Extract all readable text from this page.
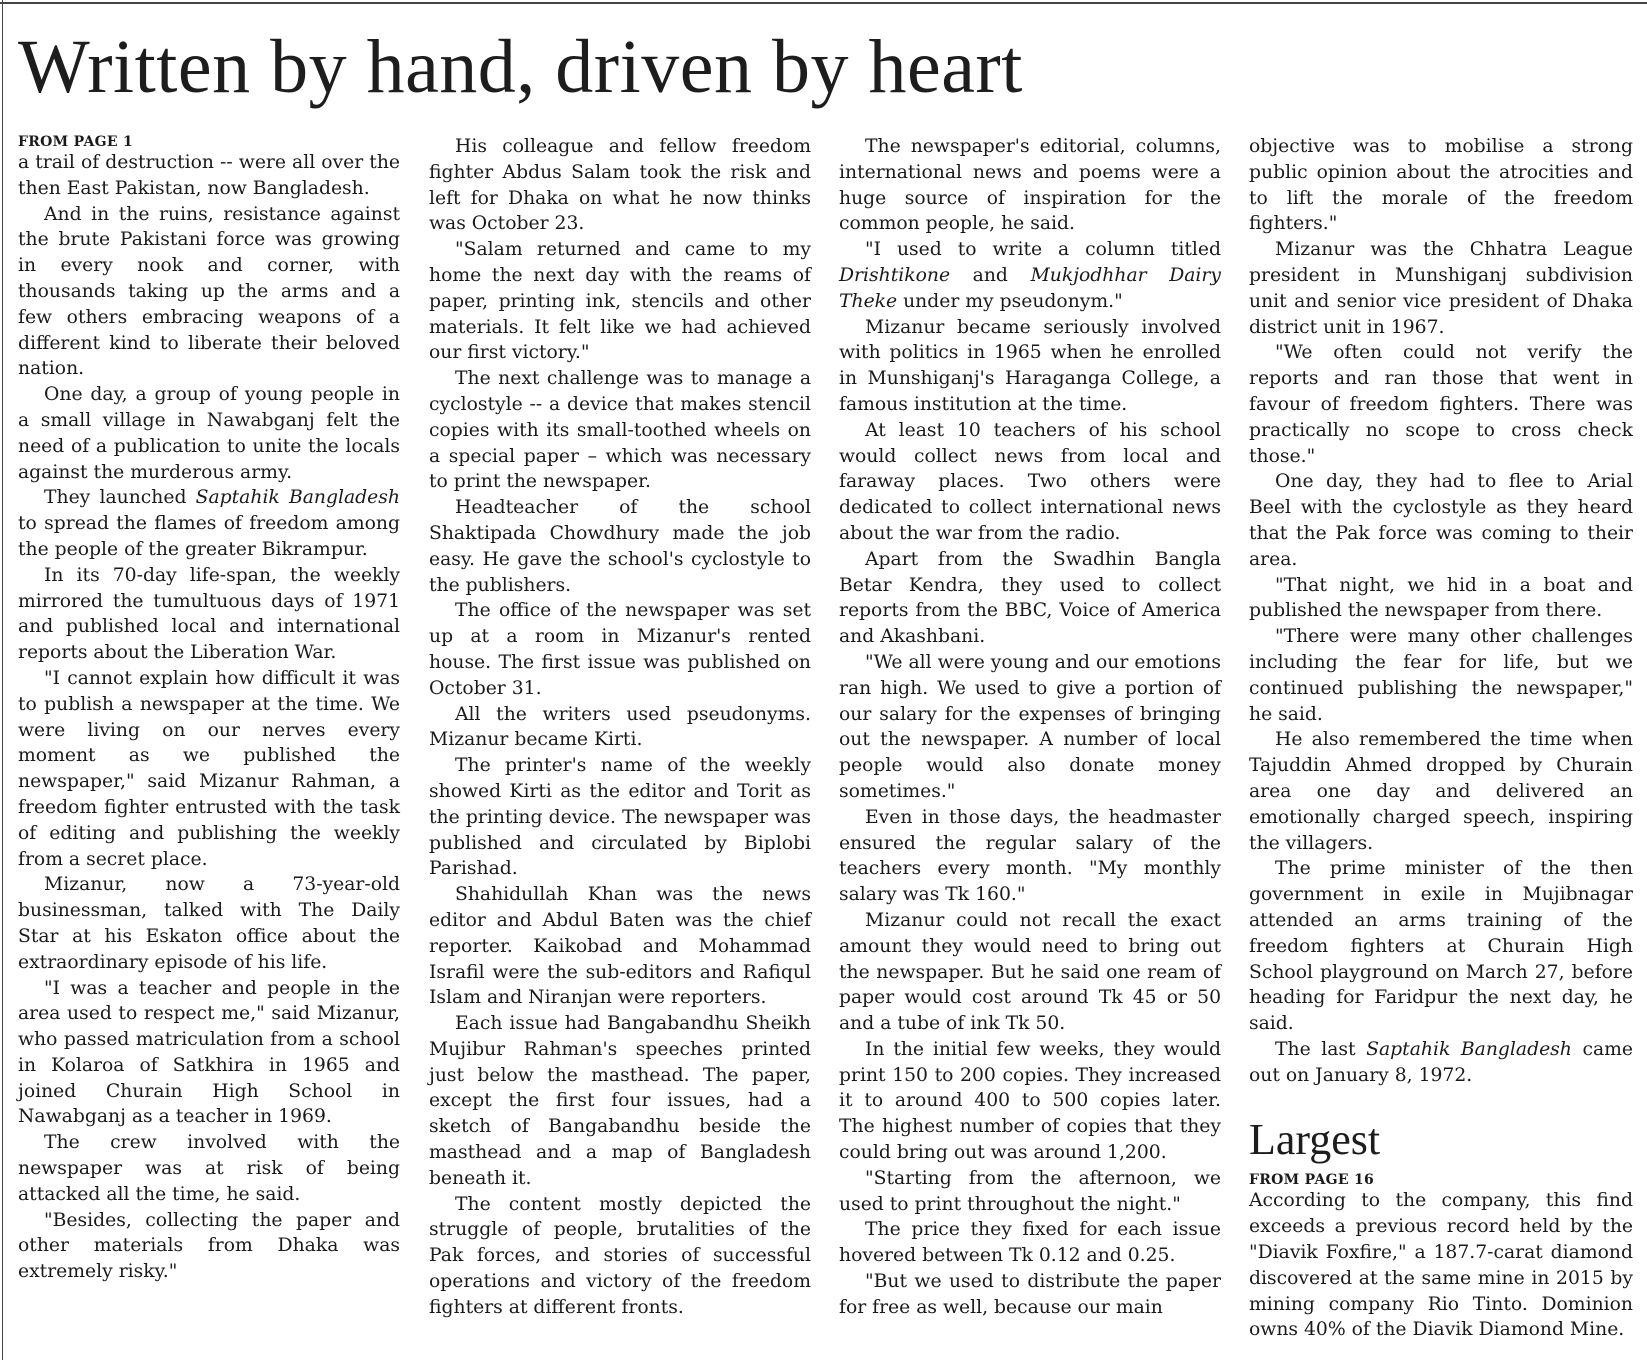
Written by hand, driven by heart
FROM PAGE 1

a trail of destruction -- were all over the then East Pakistan, now Bangladesh.

And in the ruins, resistance against the brute Pakistani force was growing in every nook and corner, with thousands taking up the arms and a few others embracing weapons of a different kind to liberate their beloved nation.

One day, a group of young people in a small village in Nawabganj felt the need of a publication to unite the locals against the murderous army.

They launched Saptahik Bangladesh to spread the flames of freedom among the people of the greater Bikrampur.

In its 70-day life-span, the weekly mirrored the tumultuous days of 1971 and published local and international reports about the Liberation War.

"I cannot explain how difficult it was to publish a newspaper at the time. We were living on our nerves every moment as we published the newspaper," said Mizanur Rahman, a freedom fighter entrusted with the task of editing and publishing the weekly from a secret place.

Mizanur, now a 73-year-old businessman, talked with The Daily Star at his Eskaton office about the extraordinary episode of his life.

"I was a teacher and people in the area used to respect me," said Mizanur, who passed matriculation from a school in Kolaroa of Satkhira in 1965 and joined Churain High School in Nawabganj as a teacher in 1969.

The crew involved with the newspaper was at risk of being attacked all the time, he said.

"Besides, collecting the paper and other materials from Dhaka was extremely risky."

His colleague and fellow freedom fighter Abdus Salam took the risk and left for Dhaka on what he now thinks was October 23.

"Salam returned and came to my home the next day with the reams of paper, printing ink, stencils and other materials. It felt like we had achieved our first victory."

The next challenge was to manage a cyclostyle -- a device that makes stencil copies with its small-toothed wheels on a special paper – which was necessary to print the newspaper.

Headteacher of the school Shaktipada Chowdhury made the job easy. He gave the school's cyclostyle to the publishers.

The office of the newspaper was set up at a room in Mizanur's rented house. The first issue was published on October 31.

All the writers used pseudonyms. Mizanur became Kirti.

The printer's name of the weekly showed Kirti as the editor and Torit as the printing device. The newspaper was published and circulated by Biplobi Parishad.

Shahidullah Khan was the news editor and Abdul Baten was the chief reporter. Kaikobad and Mohammad Israfil were the sub-editors and Rafiqul Islam and Niranjan were reporters.

Each issue had Bangabandhu Sheikh Mujibur Rahman's speeches printed just below the masthead. The paper, except the first four issues, had a sketch of Bangabandhu beside the masthead and a map of Bangladesh beneath it.

The content mostly depicted the struggle of people, brutalities of the Pak forces, and stories of successful operations and victory of the freedom fighters at different fronts.

The newspaper's editorial, columns, international news and poems were a huge source of inspiration for the common people, he said.

"I used to write a column titled Drishtikone and Mukjodhhar Dairy Theke under my pseudonym."

Mizanur became seriously involved with politics in 1965 when he enrolled in Munshiganj's Haraganga College, a famous institution at the time.

At least 10 teachers of his school would collect news from local and faraway places. Two others were dedicated to collect international news about the war from the radio.

Apart from the Swadhin Bangla Betar Kendra, they used to collect reports from the BBC, Voice of America and Akashbani.

"We all were young and our emotions ran high. We used to give a portion of our salary for the expenses of bringing out the newspaper. A number of local people would also donate money sometimes."

Even in those days, the headmaster ensured the regular salary of the teachers every month. "My monthly salary was Tk 160."

Mizanur could not recall the exact amount they would need to bring out the newspaper. But he said one ream of paper would cost around Tk 45 or 50 and a tube of ink Tk 50.

In the initial few weeks, they would print 150 to 200 copies. They increased it to around 400 to 500 copies later. The highest number of copies that they could bring out was around 1,200.

"Starting from the afternoon, we used to print throughout the night."

The price they fixed for each issue hovered between Tk 0.12 and 0.25.

"But we used to distribute the paper for free as well, because our main

objective was to mobilise a strong public opinion about the atrocities and to lift the morale of the freedom fighters."

Mizanur was the Chhatra League president in Munshiganj subdivision unit and senior vice president of Dhaka district unit in 1967.

"We often could not verify the reports and ran those that went in favour of freedom fighters. There was practically no scope to cross check those."

One day, they had to flee to Arial Beel with the cyclostyle as they heard that the Pak force was coming to their area.

"That night, we hid in a boat and published the newspaper from there.

"There were many other challenges including the fear for life, but we continued publishing the newspaper," he said.

He also remembered the time when Tajuddin Ahmed dropped by Churain area one day and delivered an emotionally charged speech, inspiring the villagers.

The prime minister of the then government in exile in Mujibnagar attended an arms training of the freedom fighters at Churain High School playground on March 27, before heading for Faridpur the next day, he said.

The last Saptahik Bangladesh came out on January 8, 1972.

Largest
FROM PAGE 16

According to the company, this find exceeds a previous record held by the "Diavik Foxfire," a 187.7-carat diamond discovered at the same mine in 2015 by mining company Rio Tinto. Dominion owns 40% of the Diavik Diamond Mine.
